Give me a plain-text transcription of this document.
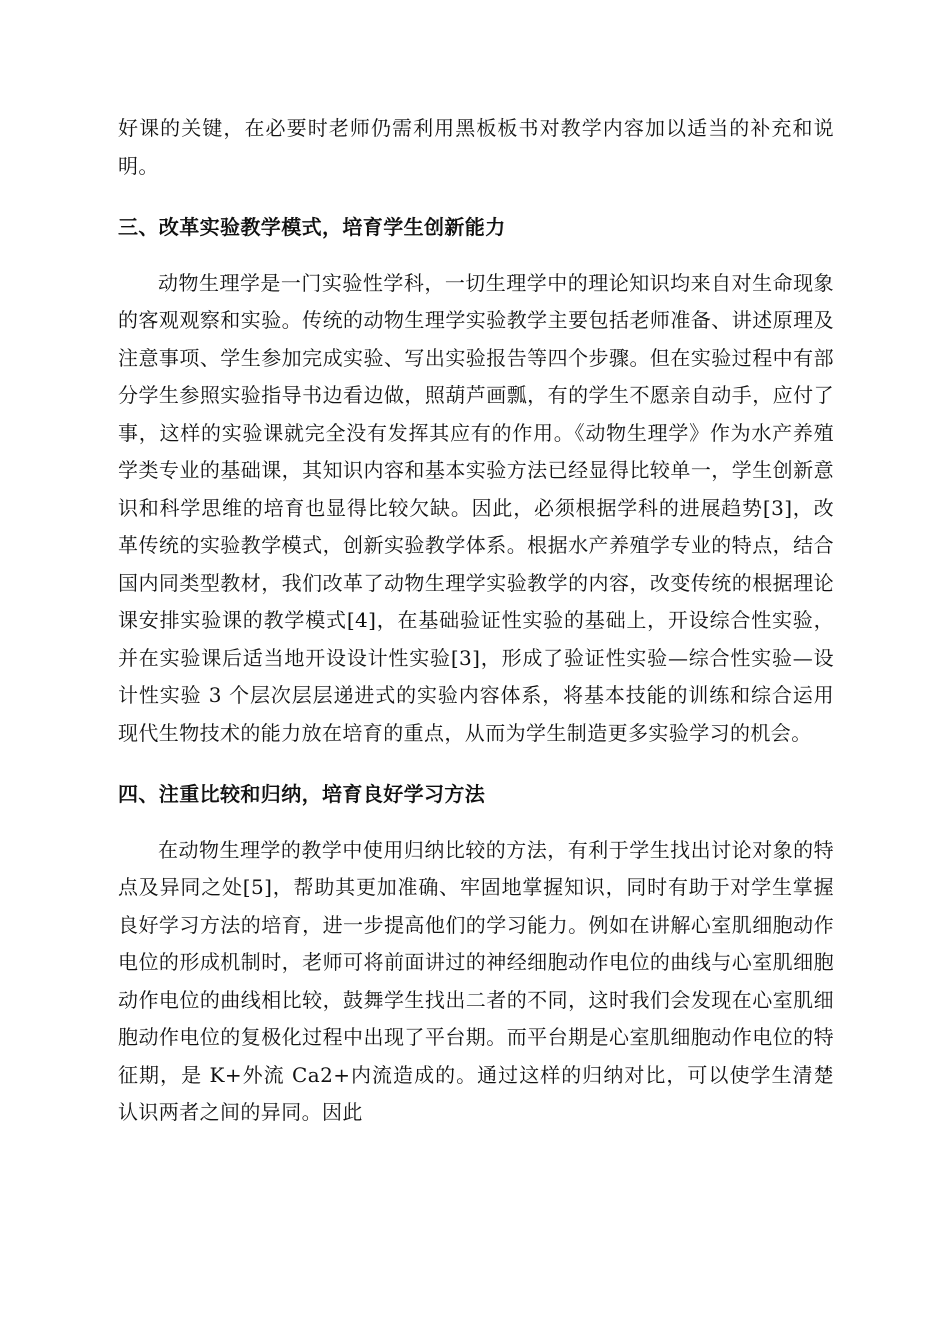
好课的关键，在必要时老师仍需利用黑板板书对教学内容加以适当的补充和说明。

三、改革实验教学模式，培育学生创新能力

动物生理学是一门实验性学科，一切生理学中的理论知识均来自对生命现象的客观观察和实验。传统的动物生理学实验教学主要包括老师准备、讲述原理及注意事项、学生参加完成实验、写出实验报告等四个步骤。但在实验过程中有部分学生参照实验指导书边看边做，照葫芦画瓢，有的学生不愿亲自动手，应付了事，这样的实验课就完全没有发挥其应有的作用。《动物生理学》作为水产养殖学类专业的基础课，其知识内容和基本实验方法已经显得比较单一，学生创新意识和科学思维的培育也显得比较欠缺。因此，必须根据学科的进展趋势[3]，改革传统的实验教学模式，创新实验教学体系。根据水产养殖学专业的特点，结合国内同类型教材，我们改革了动物生理学实验教学的内容，改变传统的根据理论课安排实验课的教学模式[4]，在基础验证性实验的基础上，开设综合性实验，并在实验课后适当地开设设计性实验[3]，形成了验证性实验—综合性实验—设计性实验 3 个层次层层递进式的实验内容体系，将基本技能的训练和综合运用现代生物技术的能力放在培育的重点，从而为学生制造更多实验学习的机会。

四、注重比较和归纳，培育良好学习方法

在动物生理学的教学中使用归纳比较的方法，有利于学生找出讨论对象的特点及异同之处[5]，帮助其更加准确、牢固地掌握知识，同时有助于对学生掌握良好学习方法的培育，进一步提高他们的学习能力。例如在讲解心室肌细胞动作电位的形成机制时，老师可将前面讲过的神经细胞动作电位的曲线与心室肌细胞动作电位的曲线相比较，鼓舞学生找出二者的不同，这时我们会发现在心室肌细胞动作电位的复极化过程中出现了平台期。而平台期是心室肌细胞动作电位的特征期，是 K+外流 Ca2+内流造成的。通过这样的归纳对比，可以使学生清楚认识两者之间的异同。因此
